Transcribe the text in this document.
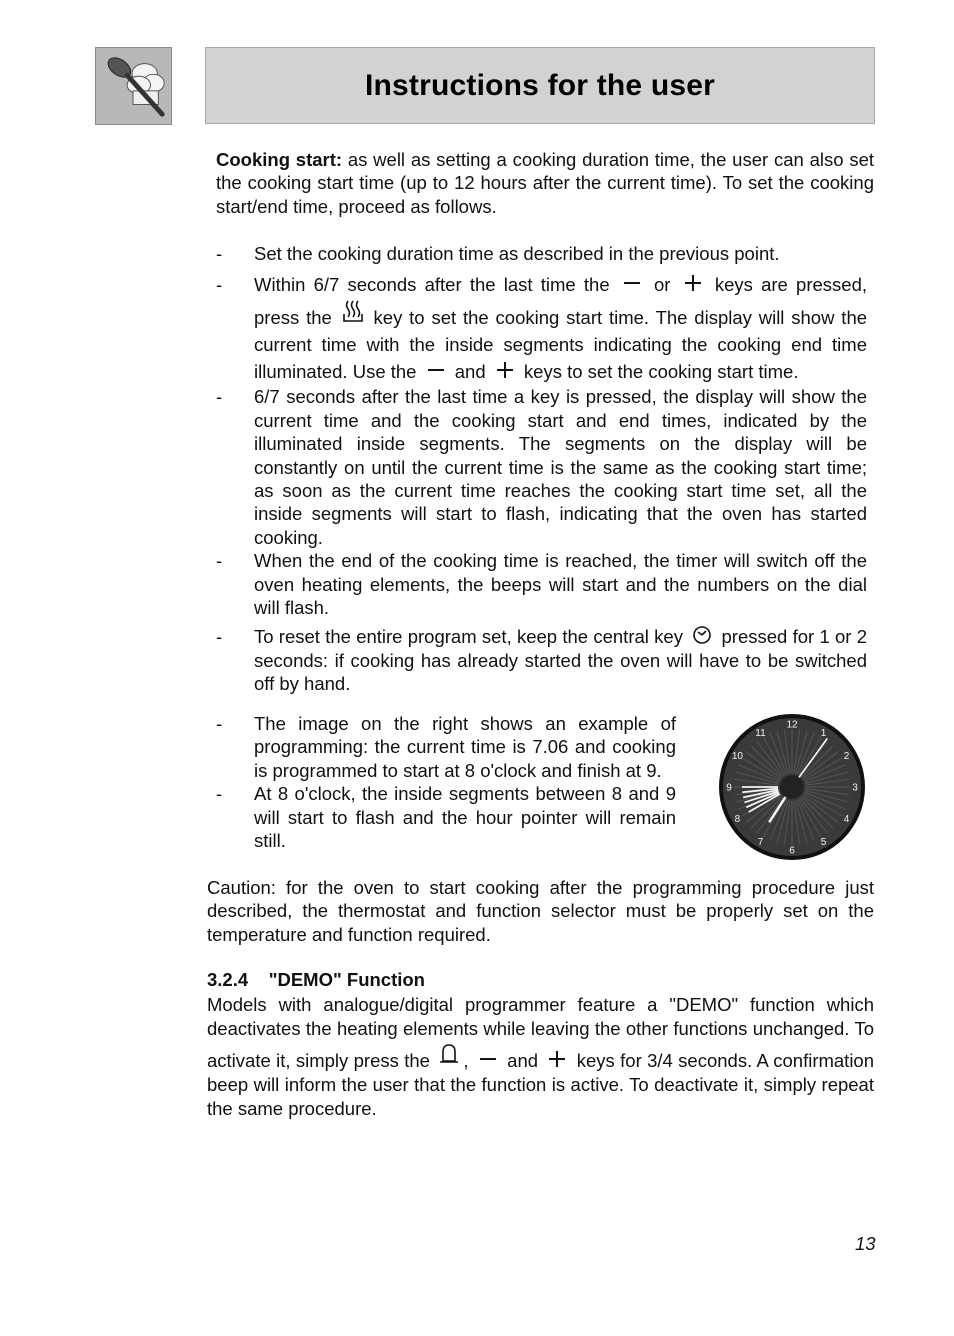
Instructions for the user
Cooking start: as well as setting a cooking duration time, the user can also set the cooking start time (up to 12 hours after the current time). To set the cooking start/end time, proceed as follows.
- Set the cooking duration time as described in the previous point.
- Within 6/7 seconds after the last time the or keys are pressed, press the key to set the cooking start time. The display will show the current time with the inside segments indicating the cooking end time illuminated. Use the and keys to set the cooking start time.
- 6/7 seconds after the last time a key is pressed, the display will show the current time and the cooking start and end times, indicated by the illuminated inside segments. The segments on the display will be constantly on until the current time is the same as the cooking start time; as soon as the current time reaches the cooking start time set, all the inside segments will start to flash, indicating that the oven has started cooking.
- When the end of the cooking time is reached, the timer will switch off the oven heating elements, the beeps will start and the numbers on the dial will flash.
- To reset the entire program set, keep the central key pressed for 1 or 2 seconds: if cooking has already started the oven will have to be switched off by hand.
- The image on the right shows an example of programming: the current time is 7.06 and cooking is programmed to start at 8 o'clock and finish at 9.
- At 8 o'clock, the inside segments between 8 and 9 will start to flash and the hour pointer will remain still.
12
1
2
3
4
5
6
7
8
9
10
11
Caution: for the oven to start cooking after the programming procedure just described, the thermostat and function selector must be properly set on the temperature and function required.
3.2.4    "DEMO" Function
Models with analogue/digital programmer feature a "DEMO" function which deactivates the heating elements while leaving the other functions unchanged. To activate it, simply press the , and keys for 3/4 seconds. A confirmation beep will inform the user that the function is active. To deactivate it, simply repeat the same procedure.
13
